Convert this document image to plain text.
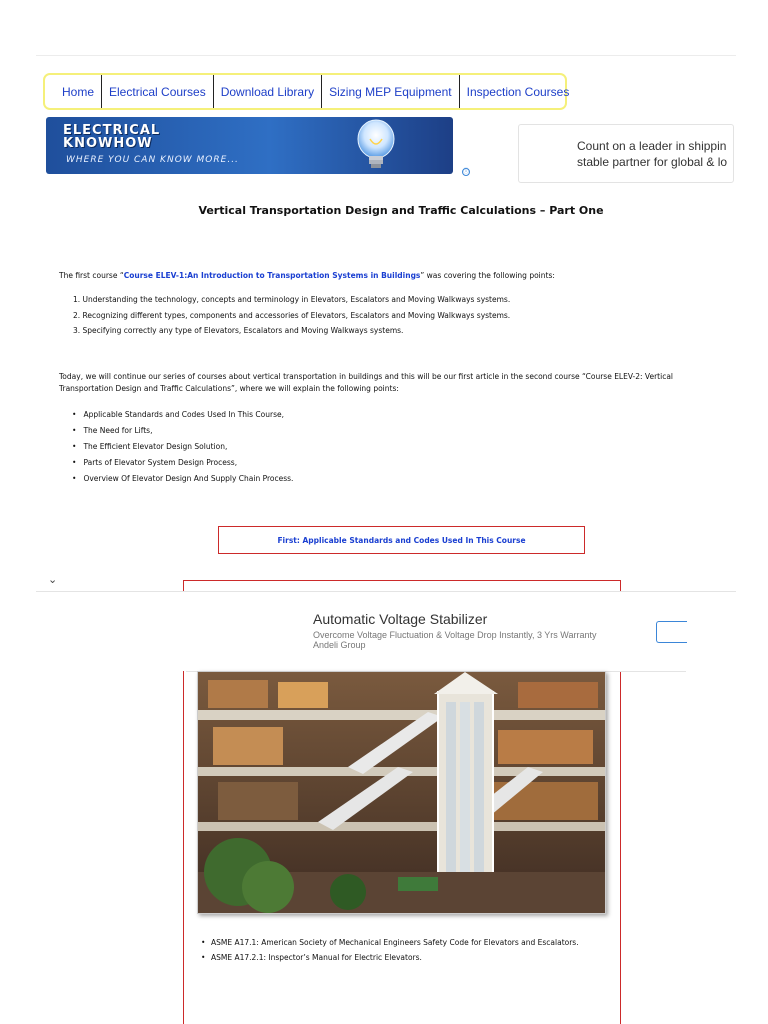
Home	Electrical Courses	Download Library	Sizing MEP Equipment	Inspection Courses
ELECTRICAL
KNOWHOW
WHERE YOU CAN KNOW MORE...
ⓘ
Count on a leader in shippin
stable partner for global & lo
Vertical Transportation Design and Traffic Calculations – Part One

The first course “Course ELEV-1:An Introduction to Transportation Systems in Buildings” was covering the following points:

1. Understanding the technology, concepts and terminology in Elevators, Escalators and Moving Walkways systems.
2. Recognizing different types, components and accessories of Elevators, Escalators and Moving Walkways systems.
3. Specifying correctly any type of Elevators, Escalators and Moving Walkways systems.

Today, we will continue our series of courses about vertical transportation in buildings and this will be our first article in the second course “Course ELEV-2: Vertical Transportation Design and Traffic Calculations”, where we will explain the following points:

• Applicable Standards and Codes Used In This Course,
• The Need for Lifts,
• The Efficient Elevator Design Solution,
• Parts of Elevator System Design Process,
• Overview Of Elevator Design And Supply Chain Process.
First: Applicable Standards and Codes Used In This Course
⌄
Automatic Voltage Stabilizer
Overcome Voltage Fluctuation & Voltage Drop Instantly, 3 Yrs Warranty Andeli Group
• ASME A17.1: American Society of Mechanical Engineers Safety Code for Elevators and Escalators.
• ASME A17.2.1: Inspector’s Manual for Electric Elevators.
